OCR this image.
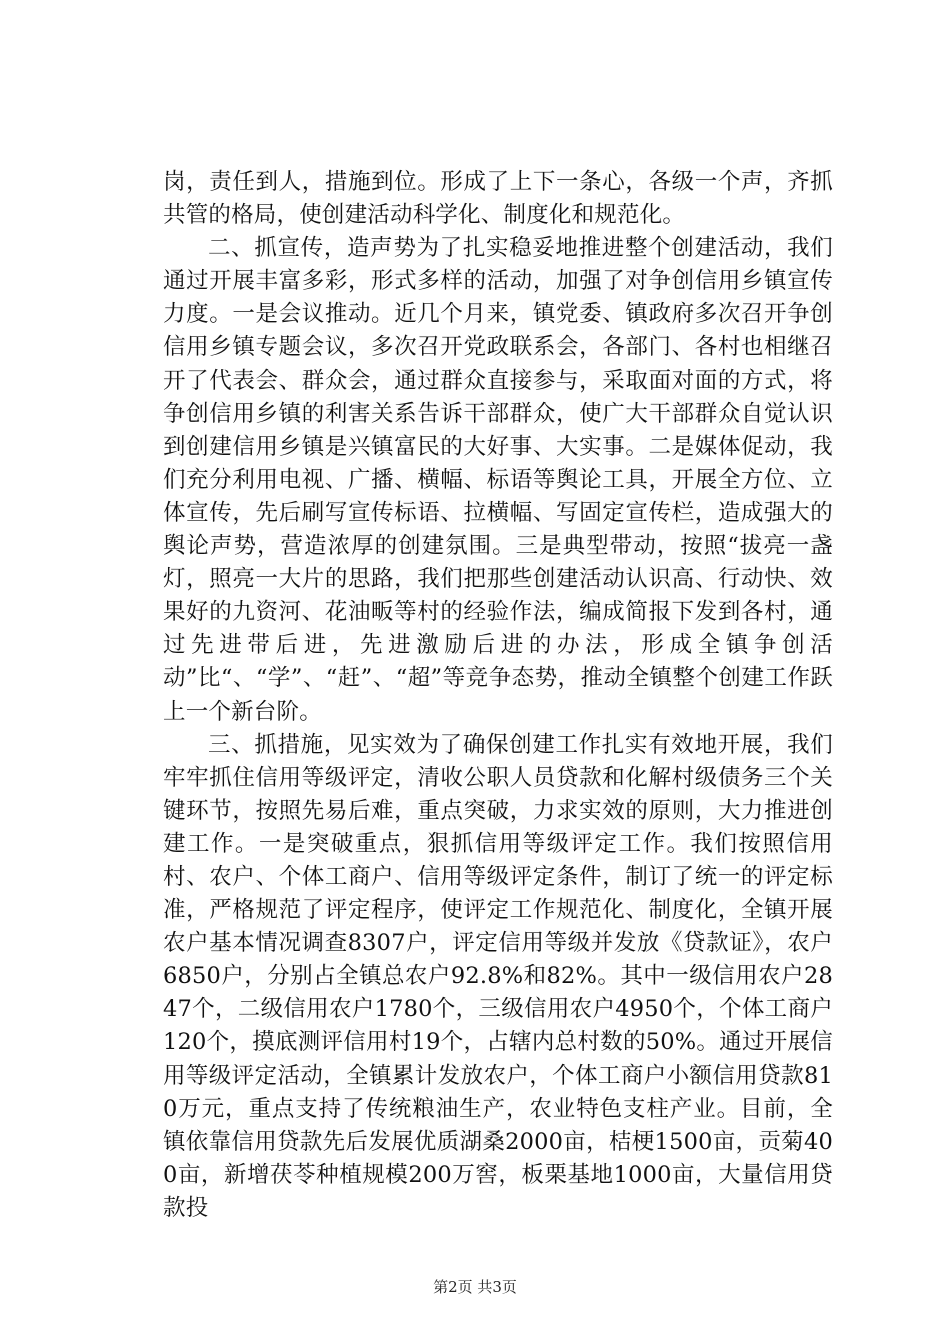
岗，责任到人，措施到位。形成了上下一条心，各级一个声，齐抓共管的格局，使创建活动科学化、制度化和规范化。

二、抓宣传，造声势为了扎实稳妥地推进整个创建活动，我们通过开展丰富多彩，形式多样的活动，加强了对争创信用乡镇宣传力度。一是会议推动。近几个月来，镇党委、镇政府多次召开争创信用乡镇专题会议，多次召开党政联系会，各部门、各村也相继召开了代表会、群众会，通过群众直接参与，采取面对面的方式，将争创信用乡镇的利害关系告诉干部群众，使广大干部群众自觉认识到创建信用乡镇是兴镇富民的大好事、大实事。二是媒体促动，我们充分利用电视、广播、横幅、标语等舆论工具，开展全方位、立体宣传，先后刷写宣传标语、拉横幅、写固定宣传栏，造成强大的舆论声势，营造浓厚的创建氛围。三是典型带动，按照“拔亮一盏灯，照亮一大片的思路，我们把那些创建活动认识高、行动快、效果好的九资河、花油畈等村的经验作法，编成简报下发到各村，通过先进带后进，先进激励后进的办法，形成全镇争创活动”比“、“学”、“赶”、“超”等竞争态势，推动全镇整个创建工作跃上一个新台阶。

三、抓措施，见实效为了确保创建工作扎实有效地开展，我们牢牢抓住信用等级评定，清收公职人员贷款和化解村级债务三个关键环节，按照先易后难，重点突破，力求实效的原则，大力推进创建工作。一是突破重点，狠抓信用等级评定工作。我们按照信用村、农户、个体工商户、信用等级评定条件，制订了统一的评定标准，严格规范了评定程序，使评定工作规范化、制度化，全镇开展农户基本情况调查8307户，评定信用等级并发放《贷款证》，农户6850户，分别占全镇总农户92.8%和82%。其中一级信用农户2847个，二级信用农户1780个，三级信用农户4950个，个体工商户120个，摸底测评信用村19个，占辖内总村数的50%。通过开展信用等级评定活动，全镇累计发放农户，个体工商户小额信用贷款810万元，重点支持了传统粮油生产，农业特色支柱产业。目前，全镇依靠信用贷款先后发展优质湖桑2000亩，桔梗1500亩，贡菊400亩，新增茯苓种植规模200万窖，板栗基地1000亩，大量信用贷款投

第2页 共3页
